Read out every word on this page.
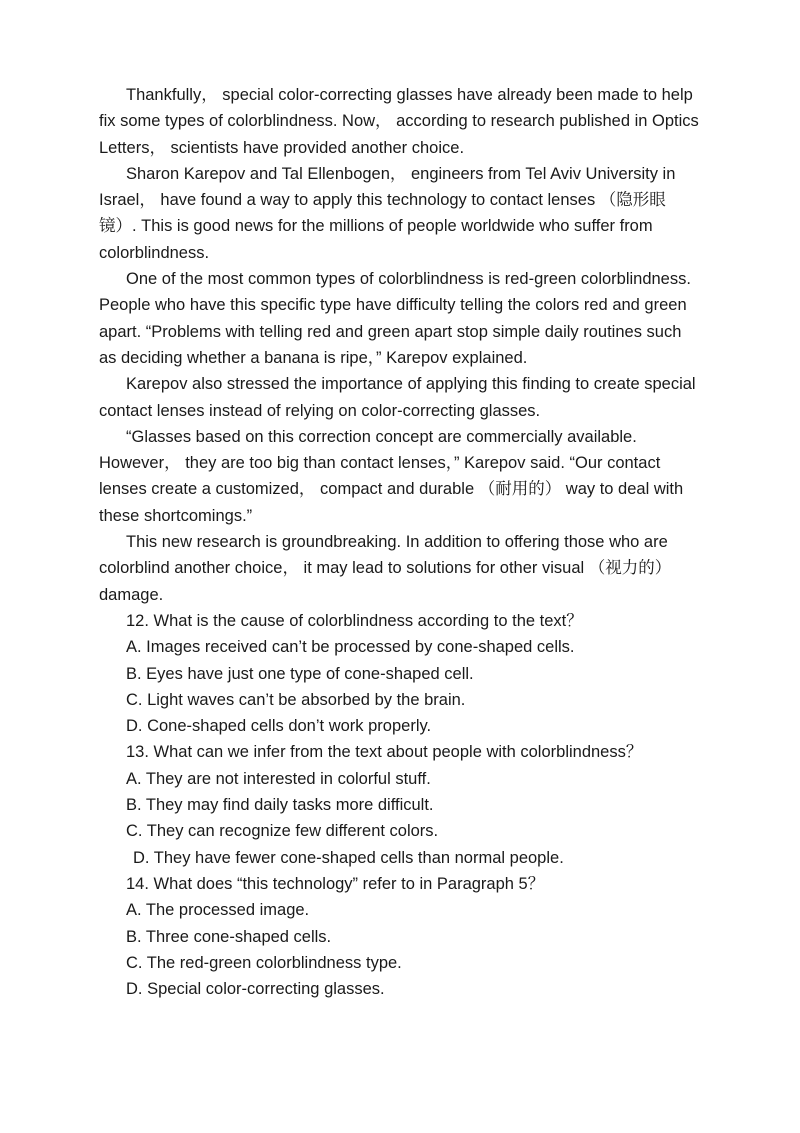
Thankfully， special color-correcting glasses have already been made to help fix some types of colorblindness. Now， according to research published in Optics Letters， scientists have provided another choice.

Sharon Karepov and Tal Ellenbogen， engineers from Tel Aviv University in Israel， have found a way to apply this technology to contact lenses （隐形眼镜）. This is good news for the millions of people worldwide who suffer from colorblindness.

One of the most common types of colorblindness is red-green colorblindness. People who have this specific type have difficulty telling the colors red and green apart. “Problems with telling red and green apart stop simple daily routines such as deciding whether a banana is ripe，” Karepov explained.

Karepov also stressed the importance of applying this finding to create special contact lenses instead of relying on color-correcting glasses.

“Glasses based on this correction concept are commercially available. However， they are too big than contact lenses，” Karepov said. “Our contact lenses create a customized， compact and durable （耐用的） way to deal with these shortcomings.”

This new research is groundbreaking. In addition to offering those who are colorblind another choice， it may lead to solutions for other visual （视力的） damage.

12. What is the cause of colorblindness according to the text？

A. Images received can’t be processed by cone-shaped cells.

B. Eyes have just one type of cone-shaped cell.

C. Light waves can’t be absorbed by the brain.

D. Cone-shaped cells don’t work properly.

13. What can we infer from the text about people with colorblindness？

A. They are not interested in colorful stuff.

B. They may find daily tasks more difficult.

C. They can recognize few different colors.

D. They have fewer cone-shaped cells than normal people.

14. What does “this technology” refer to in Paragraph 5？

A. The processed image.

B. Three cone-shaped cells.

C. The red-green colorblindness type.

D. Special color-correcting glasses.
